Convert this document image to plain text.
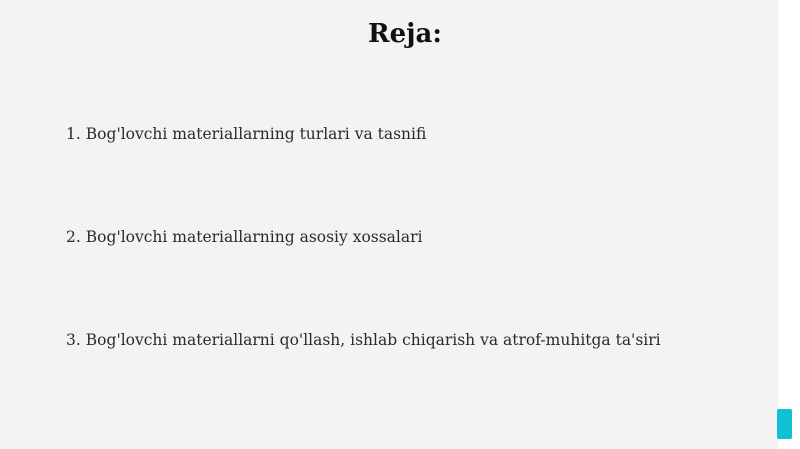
Reja:
1. Bog'lovchi materiallarning turlari va tasnifi
2. Bog'lovchi materiallarning asosiy xossalari
3. Bog'lovchi materiallarni qo'llash, ishlab chiqarish va atrof-muhitga ta'siri
